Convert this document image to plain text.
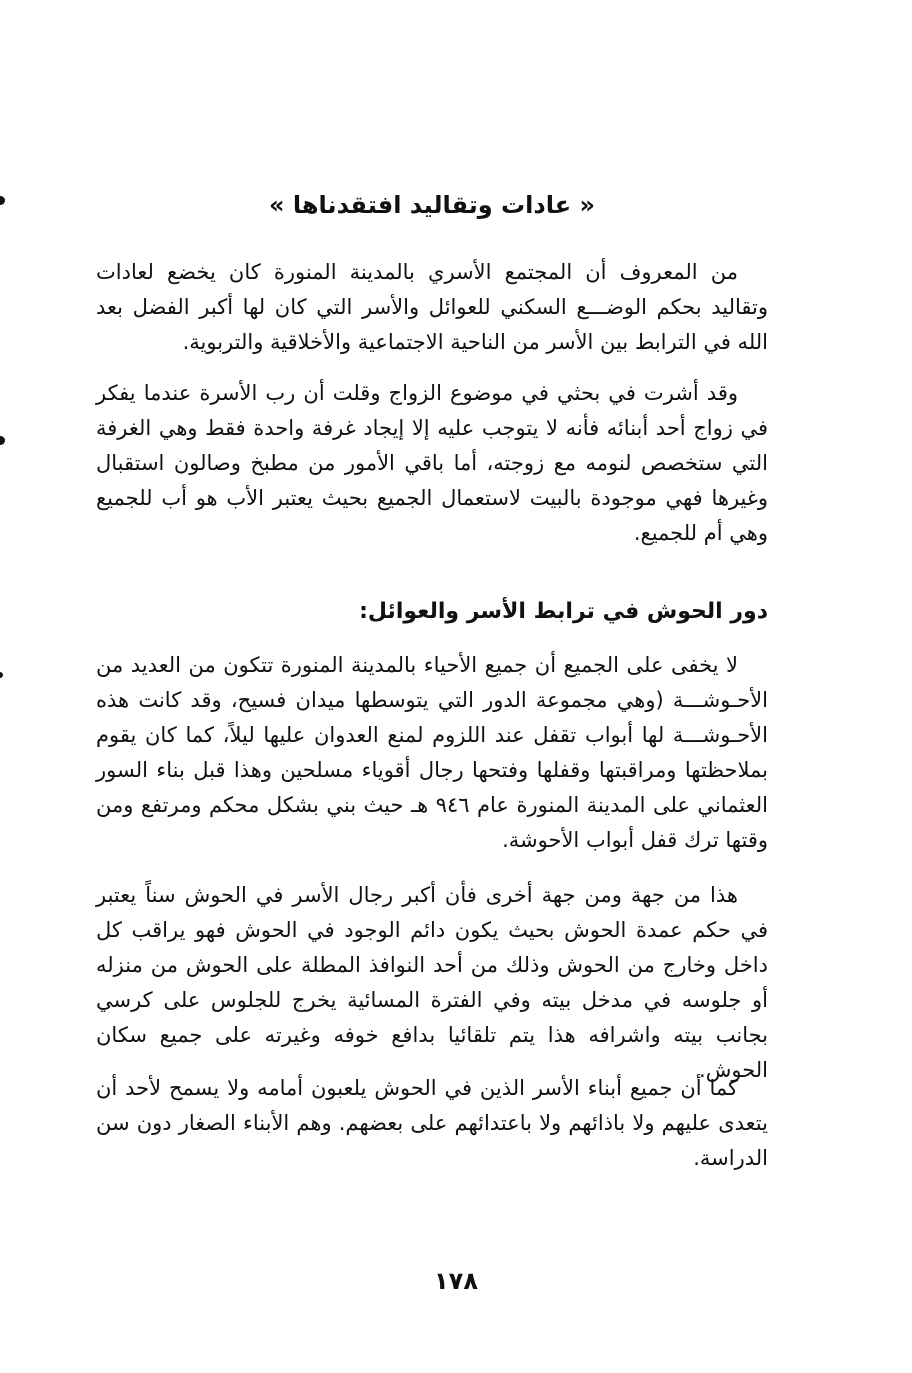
« عادات وتقاليد افتقدناها »

من المعروف أن المجتمع الأسري بالمدينة المنورة كان يخضع لعادات وتقاليد بحكم الوضـــع السكني للعوائل والأسر التي كان لها أكبر الفضل بعد الله في الترابط بين الأسر من الناحية الاجتماعية والأخلاقية والتربوية.

وقد أشرت في بحثي في موضوع الزواج وقلت أن رب الأسرة عندما يفكر في زواج أحد أبنائه فأنه لا يتوجب عليه إلا إيجاد غرفة واحدة فقط وهي الغرفة التي ستخصص لنومه مع زوجته، أما باقي الأمور من مطبخ وصالون استقبال وغيرها فهي موجودة بالبيت لاستعمال الجميع بحيث يعتبر الأب هو أب للجميع وهي أم للجميع.

دور الحوش في ترابط الأسر والعوائل:

لا يخفى على الجميع أن جميع الأحياء بالمدينة المنورة تتكون من العديد من الأحـوشـــة (وهي مجموعة الدور التي يتوسطها ميدان فسيح، وقد كانت هذه الأحـوشـــة لها أبواب تقفل عند اللزوم لمنع العدوان عليها ليلاً، كما كان يقوم بملاحظتها ومراقبتها وقفلها وفتحها رجال أقوياء مسلحين وهذا قبل بناء السور العثماني على المدينة المنورة عام ٩٤٦ هـ حيث بني بشكل محكم ومرتفع ومن وقتها ترك قفل أبواب الأحوشة.

هذا من جهة ومن جهة أخرى فأن أكبر رجال الأسر في الحوش سناً يعتبر في حكم عمدة الحوش بحيث يكون دائم الوجود في الحوش فهو يراقب كل داخل وخارج من الحوش وذلك من أحد النوافذ المطلة على الحوش من منزله أو جلوسه في مدخل بيته وفي الفترة المسائية يخرج للجلوس على كرسي بجانب بيته واشرافه هذا يتم تلقائيا بدافع خوفه وغيرته على جميع سكان الحوش.

كما أن جميع أبناء الأسر الذين في الحوش يلعبون أمامه ولا يسمح لأحد أن يتعدى عليهم ولا باذائهم ولا باعتدائهم على بعضهم. وهم الأبناء الصغار دون سن الدراسة.

١٧٨
